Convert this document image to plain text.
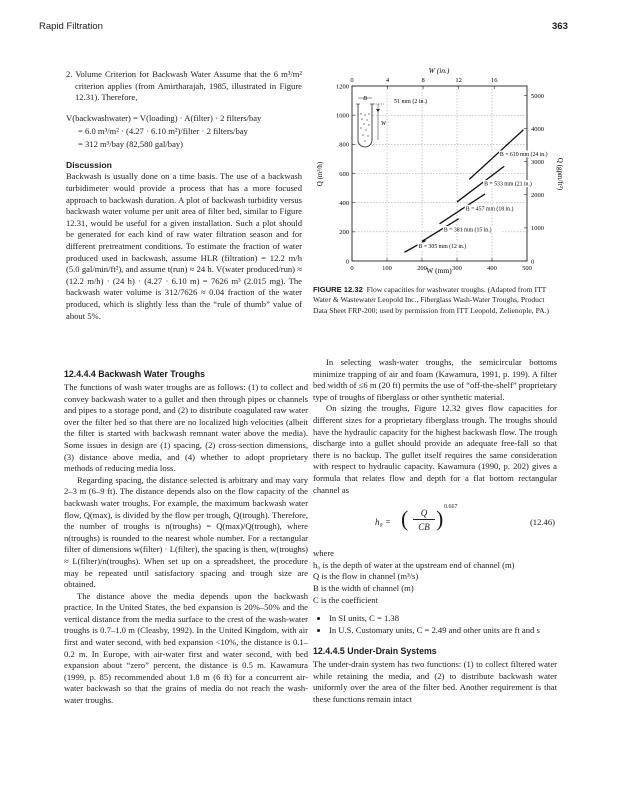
Rapid Filtration	363

2. Volume Criterion for Backwash Water Assume that the 6 m³/m² criterion applies (from Amirtharajah, 1985, illustrated in Figure 12.31). Therefore,

V(backwashwater) = V(loading) · A(filter) · 2 filters/bay
= 6.0 m³/m² · (4.27 · 6.10 m²)/filter · 2 filters/bay
= 312 m³/bay (82,580 gal/bay)
Discussion

Backwash is usually done on a time basis. The use of a backwash turbidimeter would provide a process that has a more focused approach to backwash duration. A plot of backwash turbidity versus backwash water volume per unit area of filter bed, similar to Figure 12.31, would be useful for a given installation. Such a plot should be generated for each kind of raw water filtration season and for different pretreatment conditions. To estimate the fraction of water produced used in backwash, assume HLR (filtration) = 12.2 m/h (5.0 gal/min/ft²), and assume t(run) ≈ 24 h. V(water produced/run) ≈ (12.2 m/h) · (24 h) · (4.27 · 6.10 m) = 7626 m³ (2.015 mg). The backwash water volume is 312/7626 ≈ 0.04 fraction of the water produced, which is slightly less than the “rule of thumb” value of about 5%.

0	100	200	300	400	500
0
200
400
600
800
1000
1200
0	4	8	12	16
0
1000
2000
3000
4000
5000
B = 305 mm (12 in.)
B = 381 mm (15 in.)
B = 457 mm (18 in.)
B = 533 mm (21 in.)
B = 610 mm (24 in.)
W (mm)
W (in.)
Q (m³/h)	Q (gpm/ft²)
B
W
51 mm (2 in.)

FIGURE 12.32 Flow capacities for washwater troughs. (Adapted from ITT Water & Wastewater Leopold Inc., Fiberglass Wash-Water Troughs, Product Data Sheet FRP-200; used by permission from ITT Leopold, Zelienople, PA.)

12.4.4.4 Backwash Water Troughs

The functions of wash water troughs are as follows: (1) to collect and convey backwash water to a gullet and then through pipes or channels and pipes to a storage pond, and (2) to distribute coagulated raw water over the filter bed so that there are no localized high velocities (albeit the filter is started with backwash remnant water above the media). Some issues in design are (1) spacing, (2) cross-section dimensions, (3) distance above media, and (4) whether to adopt proprietary methods of reducing media loss.

Regarding spacing, the distance selected is arbitrary and may vary 2–3 m (6–9 ft). The distance depends also on the flow capacity of the backwash water troughs. For example, the maximum backwash water flow, Q(max), is divided by the flow per trough, Q(trough). Therefore, the number of troughs is n(troughs) = Q(max)/Q(trough), where n(troughs) is rounded to the nearest whole number. For a rectangular filter of dimensions w(filter) · L(filter), the spacing is then, w(troughs) ≈ L(filter)/n(troughs). When set up on a spreadsheet, the procedure may be repeated until satisfactory spacing and trough size are obtained.

The distance above the media depends upon the backwash practice. In the United States, the bed expansion is 20%–50% and the vertical distance from the media surface to the crest of the wash-water troughs is 0.7–1.0 m (Cleasby, 1992). In the United Kingdom, with air first and water second, with bed expansion <10%, the distance is 0.1–0.2 m. In Europe, with air-water first and water second, with bed expansion about “zero” percent, the distance is 0.5 m. Kawamura (1999, p. 85) recommended about 1.8 m (6 ft) for a concurrent air-water backwash so that the grains of media do not reach the wash-water troughs.

In selecting wash-water troughs, the semicircular bottoms minimize trapping of air and foam (Kawamura, 1991, p. 199). A filter bed width of ≤6 m (20 ft) permits the use of “off-the-shelf” proprietary type of troughs of fiberglass or other synthetic material.

On sizing the troughs, Figure 12.32 gives flow capacities for different sizes for a proprietary fiberglass trough. The troughs should have the hydraulic capacity for the highest backwash flow. The trough discharge into a gullet should provide an adequate free-fall so that there is no backup. The gullet itself requires the same consideration with respect to hydraulic capacity. Kawamura (1990, p. 202) gives a formula that relates flow and depth for a flat bottom rectangular channel as

h₀ = (	Q
CB ) 0.667
(12.46)
where
h₀ is the depth of water at the upstream end of channel (m)
Q is the flow in channel (m³/s)
B is the width of channel (m)
C is the coefficient
• In SI units, C = 1.38
• In U.S. Customary units, C = 2.49 and other units are ft and s
12.4.4.5 Under-Drain Systems

The under-drain system has two functions: (1) to collect filtered water while retaining the media, and (2) to distribute backwash water uniformly over the area of the filter bed. Another requirement is that these functions remain intact
